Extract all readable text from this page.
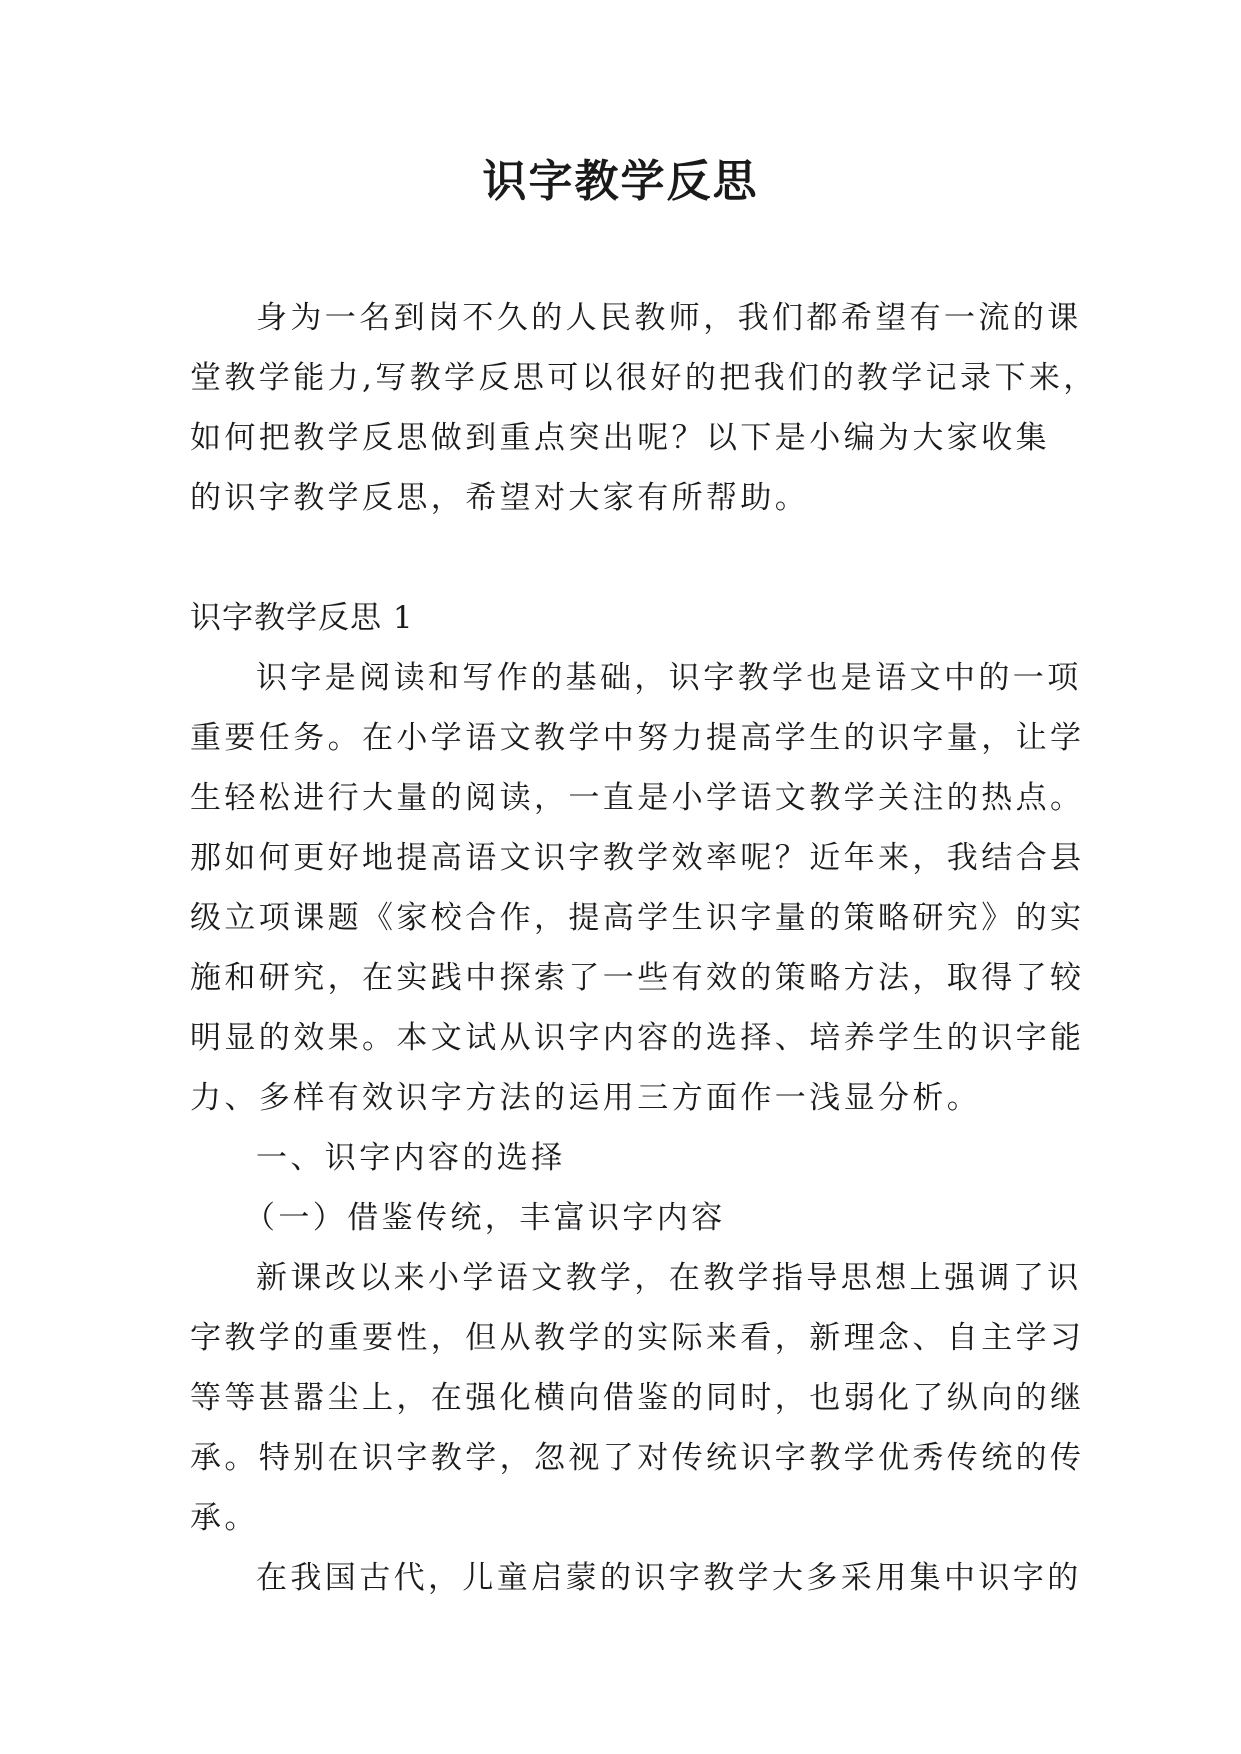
识字教学反思
身为一名到岗不久的人民教师，我们都希望有一流的课
堂教学能力,写教学反思可以很好的把我们的教学记录下来，
如何把教学反思做到重点突出呢？以下是小编为大家收集
的识字教学反思，希望对大家有所帮助。
识字教学反思 1
识字是阅读和写作的基础，识字教学也是语文中的一项
重要任务。在小学语文教学中努力提高学生的识字量，让学
生轻松进行大量的阅读，一直是小学语文教学关注的热点。
那如何更好地提高语文识字教学效率呢？近年来，我结合县
级立项课题《家校合作，提高学生识字量的策略研究》的实
施和研究，在实践中探索了一些有效的策略方法，取得了较
明显的效果。本文试从识字内容的选择、培养学生的识字能
力、多样有效识字方法的运用三方面作一浅显分析。
一、识字内容的选择
（一）借鉴传统，丰富识字内容
新课改以来小学语文教学，在教学指导思想上强调了识
字教学的重要性，但从教学的实际来看，新理念、自主学习
等等甚嚣尘上，在强化横向借鉴的同时，也弱化了纵向的继
承。特别在识字教学，忽视了对传统识字教学优秀传统的传
承。
在我国古代，儿童启蒙的识字教学大多采用集中识字的
